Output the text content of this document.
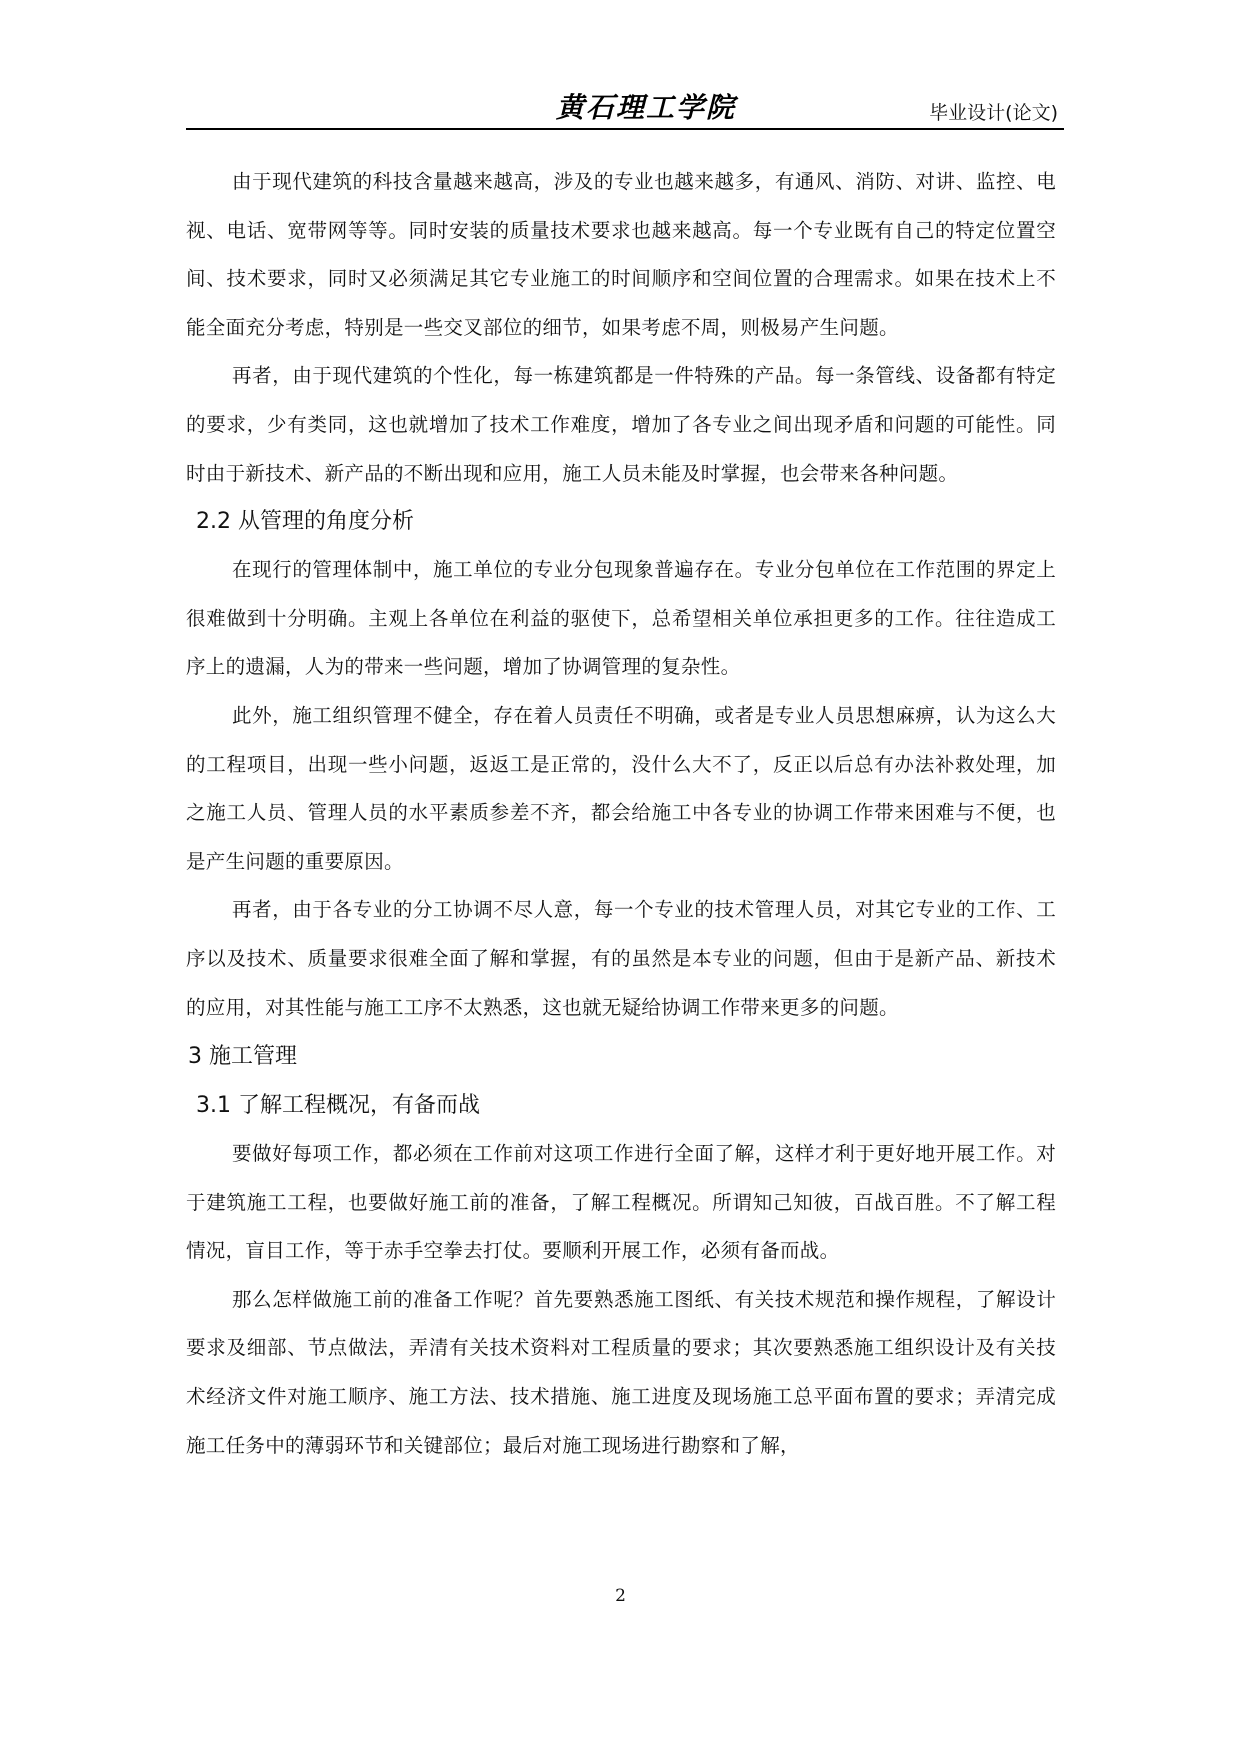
黄石理工学院	毕业设计(论文)

由于现代建筑的科技含量越来越高，涉及的专业也越来越多，有通风、消防、对讲、监控、电视、电话、宽带网等等。同时安装的质量技术要求也越来越高。每一个专业既有自己的特定位置空间、技术要求，同时又必须满足其它专业施工的时间顺序和空间位置的合理需求。如果在技术上不能全面充分考虑，特别是一些交叉部位的细节，如果考虑不周，则极易产生问题。

再者，由于现代建筑的个性化，每一栋建筑都是一件特殊的产品。每一条管线、设备都有特定的要求，少有类同，这也就增加了技术工作难度，增加了各专业之间出现矛盾和问题的可能性。同时由于新技术、新产品的不断出现和应用，施工人员未能及时掌握，也会带来各种问题。

2.2 从管理的角度分析

在现行的管理体制中，施工单位的专业分包现象普遍存在。专业分包单位在工作范围的界定上很难做到十分明确。主观上各单位在利益的驱使下，总希望相关单位承担更多的工作。往往造成工序上的遗漏，人为的带来一些问题，增加了协调管理的复杂性。

此外，施工组织管理不健全，存在着人员责任不明确，或者是专业人员思想麻痹，认为这么大的工程项目，出现一些小问题，返返工是正常的，没什么大不了，反正以后总有办法补救处理，加之施工人员、管理人员的水平素质参差不齐，都会给施工中各专业的协调工作带来困难与不便，也是产生问题的重要原因。

再者，由于各专业的分工协调不尽人意，每一个专业的技术管理人员，对其它专业的工作、工序以及技术、质量要求很难全面了解和掌握，有的虽然是本专业的问题，但由于是新产品、新技术的应用，对其性能与施工工序不太熟悉，这也就无疑给协调工作带来更多的问题。

3 施工管理

3.1 了解工程概况，有备而战

要做好每项工作，都必须在工作前对这项工作进行全面了解，这样才利于更好地开展工作。对于建筑施工工程，也要做好施工前的准备，了解工程概况。所谓知己知彼，百战百胜。不了解工程情况，盲目工作，等于赤手空拳去打仗。要顺利开展工作，必须有备而战。

那么怎样做施工前的准备工作呢？首先要熟悉施工图纸、有关技术规范和操作规程，了解设计要求及细部、节点做法，弄清有关技术资料对工程质量的要求；其次要熟悉施工组织设计及有关技术经济文件对施工顺序、施工方法、技术措施、施工进度及现场施工总平面布置的要求；弄清完成施工任务中的薄弱环节和关键部位；最后对施工现场进行勘察和了解，

2
